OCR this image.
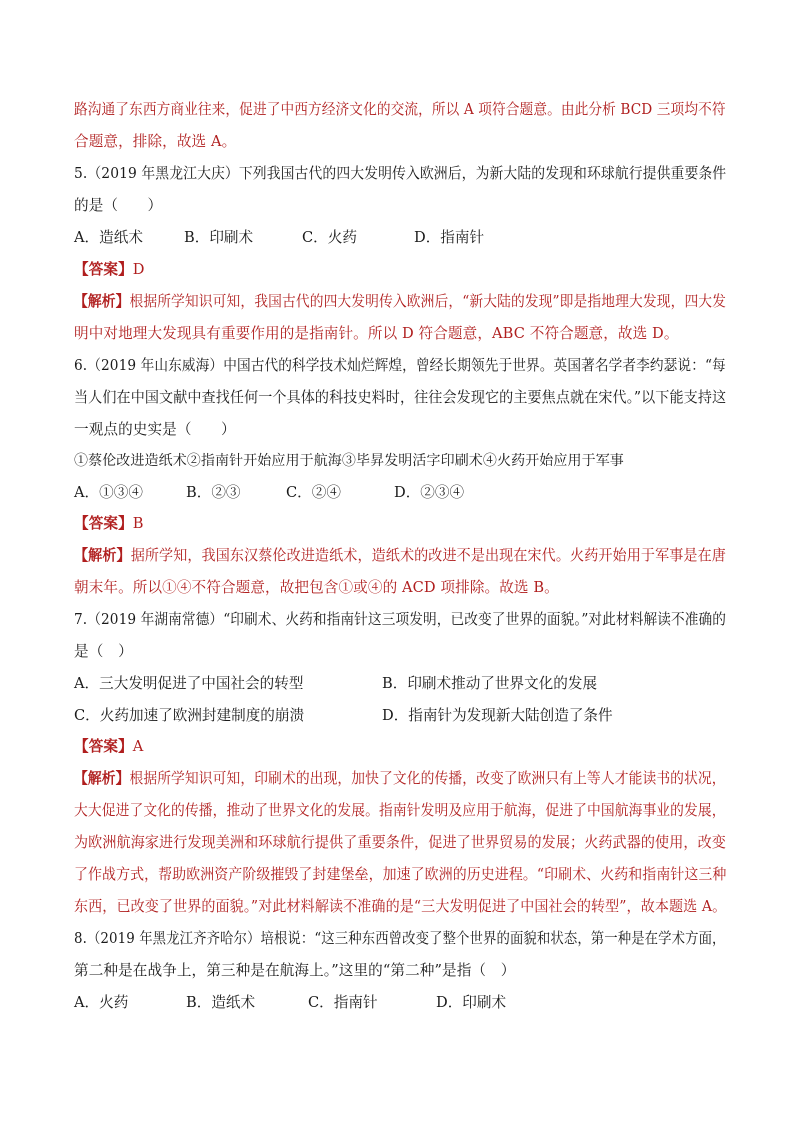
路沟通了东西方商业往来，促进了中西方经济文化的交流，所以 A 项符合题意。由此分析 BCD 三项均不符
合题意，排除，故选 A。
5.（2019 年黑龙江大庆）下列我国古代的四大发明传入欧洲后，为新大陆的发现和环球航行提供重要条件
的是（　　）
A．造纸术	B．印刷术	C．火药	D．指南针
【答案】D
【解析】根据所学知识可知，我国古代的四大发明传入欧洲后，“新大陆的发现”即是指地理大发现，四大发
明中对地理大发现具有重要作用的是指南针。所以 D 符合题意，ABC 不符合题意，故选 D。
6.（2019 年山东威海）中国古代的科学技术灿烂辉煌，曾经长期领先于世界。英国著名学者李约瑟说：“每
当人们在中国文献中查找任何一个具体的科技史料时，往往会发现它的主要焦点就在宋代。”以下能支持这
一观点的史实是（　　）
①蔡伦改进造纸术②指南针开始应用于航海③毕昇发明活字印刷术④火药开始应用于军事
A．①③④	B．②③	C．②④	D．②③④
【答案】B
【解析】据所学知，我国东汉蔡伦改进造纸术，造纸术的改进不是出现在宋代。火药开始用于军事是在唐
朝末年。所以①④不符合题意，故把包含①或④的 ACD 项排除。故选 B。
7.（2019 年湖南常德）“印刷术、火药和指南针这三项发明，已改变了世界的面貌。”对此材料解读不准确的
是（　）
A．三大发明促进了中国社会的转型	B．印刷术推动了世界文化的发展
C．火药加速了欧洲封建制度的崩溃	D．指南针为发现新大陆创造了条件
【答案】A
【解析】根据所学知识可知，印刷术的出现，加快了文化的传播，改变了欧洲只有上等人才能读书的状况，
大大促进了文化的传播，推动了世界文化的发展。指南针发明及应用于航海，促进了中国航海事业的发展，
为欧洲航海家进行发现美洲和环球航行提供了重要条件，促进了世界贸易的发展；火药武器的使用，改变
了作战方式，帮助欧洲资产阶级摧毁了封建堡垒，加速了欧洲的历史进程。“印刷术、火药和指南针这三种
东西，已改变了世界的面貌。”对此材料解读不准确的是“三大发明促进了中国社会的转型”，故本题选 A。
8.（2019 年黑龙江齐齐哈尔）培根说：“这三种东西曾改变了整个世界的面貌和状态，第一种是在学术方面，
第二种是在战争上，第三种是在航海上。”这里的“第二种”是指（　）
A．火药	B．造纸术	C．指南针	D．印刷术
